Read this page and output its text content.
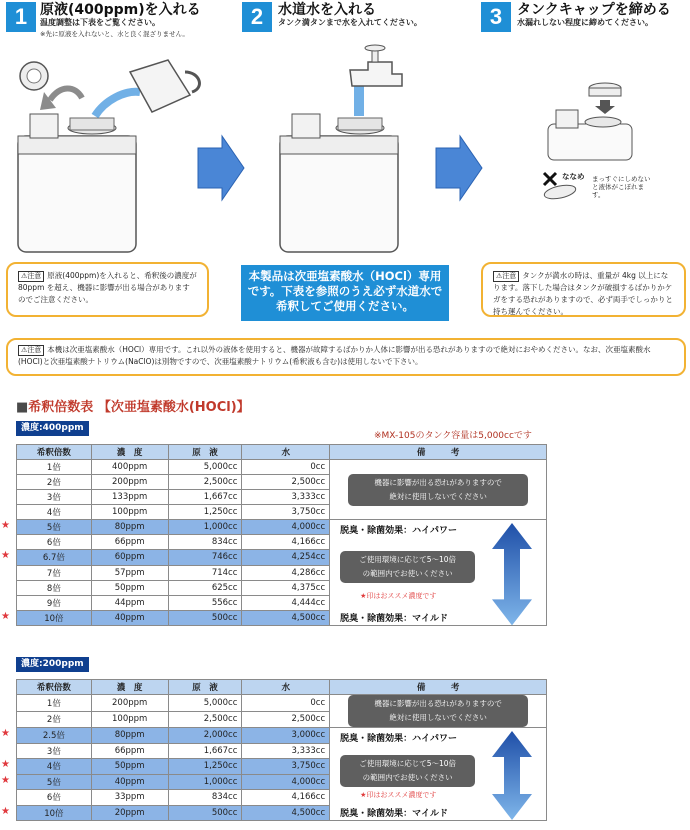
1 原液(400ppm)を入れる
温度調整は下表をご覧ください。
※先に原液を入れないと、水と良く混ざりません。
2	水道水を入れる
タンク満タンまで水を入れてください。	3	タンクキャップを締める
水漏れしない程度に締めてください。
ななめ まっすぐにしめないと液体がこぼれます。
⚠注意 原液(400ppm)を入れると、希釈後の濃度が 80ppm を超え、機器に影響が出る場合がありますのでご注意ください。
本製品は次亜塩素酸水（HOCl）専用です。下表を参照のうえ必ず水道水で希釈してご使用ください。
⚠注意 タンクが満水の時は、重量が 4kg 以上になります。落下した場合はタンクが破損するばかりかケガをする恐れがありますので、必ず両手でしっかりと持ち運んでください。
⚠注意 本機は次亜塩素酸水（HOCl）専用です。これ以外の液体を使用すると、機器が故障するばかりか人体に影響が出る恐れがありますので絶対におやめください。なお、次亜塩素酸水(HOCl)と次亜塩素酸ナトリウム(NaClO)は別物ですので、次亜塩素酸ナトリウム(希釈液も含む)は使用しないで下さい。
■希釈倍数表 【次亜塩素酸水(HOCl)】
濃度:400ppm
※MX-105のタンク容量は5,000ccです
希釈倍数	濃　度	原　液	水	備　　　考
1倍	400ppm	5,000cc	0cc	機器に影響が出る恐れがありますので
絶対に使用しないでください

2倍	200ppm	2,500cc	2,500cc	
3倍	133ppm	1,667cc	3,333cc	
4倍	100ppm	1,250cc	3,750cc	
5倍	80ppm	1,000cc	4,000cc	脱臭・除菌効果：ハイパワー
ご使用環境に応じて5～10倍
の範囲内でお使いください
★印はおススメ濃度です
脱臭・除菌効果：マイルド

6倍	66ppm	834cc	4,166cc	
6.7倍	60ppm	746cc	4,254cc	
7倍	57ppm	714cc	4,286cc	
8倍	50ppm	625cc	4,375cc	
9倍	44ppm	556cc	4,444cc	
10倍	40ppm	500cc	4,500cc	
濃度:200ppm
希釈倍数	濃　度	原　液	水	備　　　考
1倍	200ppm	5,000cc	0cc	機器に影響が出る恐れがありますので
絶対に使用しないでください

2倍	100ppm	2,500cc	2,500cc	
2.5倍	80ppm	2,000cc	3,000cc	脱臭・除菌効果：ハイパワー
ご使用環境に応じて5～10倍
の範囲内でお使いください
★印はおススメ濃度です
脱臭・除菌効果：マイルド

3倍	66ppm	1,667cc	3,333cc	
4倍	50ppm	1,250cc	3,750cc	
5倍	40ppm	1,000cc	4,000cc	
6倍	33ppm	834cc	4,166cc	
10倍	20ppm	500cc	4,500cc	
★
★
★
★
★
★
★
